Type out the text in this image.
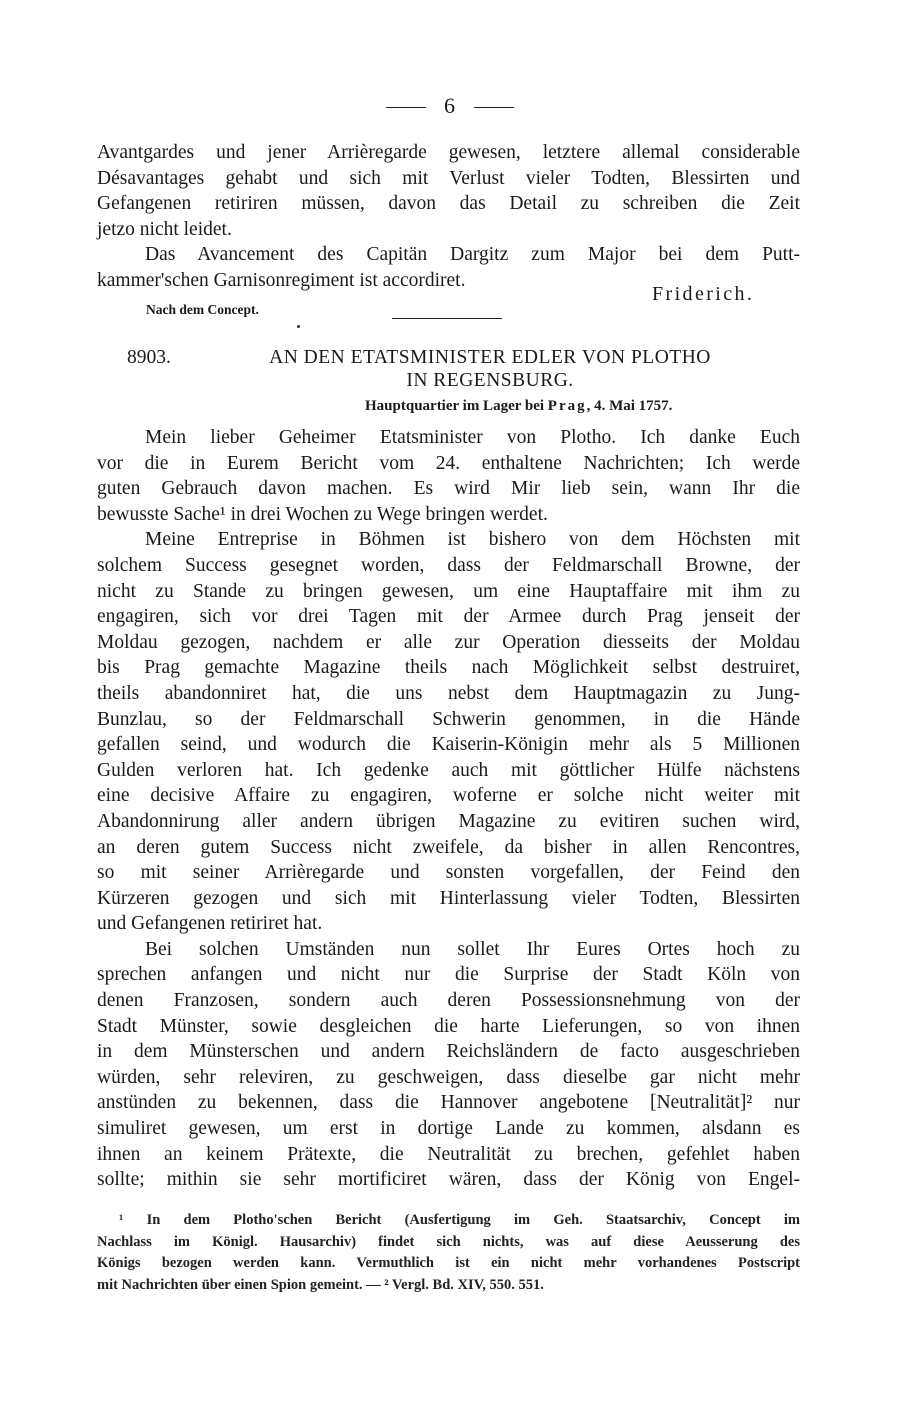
6
Avantgardes und jener Arrièregarde gewesen, letztere allemal considerable
Désavantages gehabt und sich mit Verlust vieler Todten, Blessirten und
Gefangenen retiriren müssen, davon das Detail zu schreiben die Zeit
jetzo nicht leidet.
Das Avancement des Capitän Dargitz zum Major bei dem Putt-
kammer'schen Garnisonregiment ist accordiret.
Friderich.
Nach dem Concept.
8903.	AN DEN ETATSMINISTER EDLER VON PLOTHO
IN REGENSBURG.
Hauptquartier im Lager bei Prag, 4. Mai 1757.
Mein lieber Geheimer Etatsminister von Plotho. Ich danke Euch
vor die in Eurem Bericht vom 24. enthaltene Nachrichten; Ich werde
guten Gebrauch davon machen. Es wird Mir lieb sein, wann Ihr die
bewusste Sache¹ in drei Wochen zu Wege bringen werdet.
Meine Entreprise in Böhmen ist bishero von dem Höchsten mit
solchem Success gesegnet worden, dass der Feldmarschall Browne, der
nicht zu Stande zu bringen gewesen, um eine Hauptaffaire mit ihm zu
engagiren, sich vor drei Tagen mit der Armee durch Prag jenseit der
Moldau gezogen, nachdem er alle zur Operation diesseits der Moldau
bis Prag gemachte Magazine theils nach Möglichkeit selbst destruiret,
theils abandonniret hat, die uns nebst dem Hauptmagazin zu Jung-
Bunzlau, so der Feldmarschall Schwerin genommen, in die Hände
gefallen seind, und wodurch die Kaiserin-Königin mehr als 5 Millionen
Gulden verloren hat. Ich gedenke auch mit göttlicher Hülfe nächstens
eine decisive Affaire zu engagiren, woferne er solche nicht weiter mit
Abandonnirung aller andern übrigen Magazine zu evitiren suchen wird,
an deren gutem Success nicht zweifele, da bisher in allen Rencontres,
so mit seiner Arrièregarde und sonsten vorgefallen, der Feind den
Kürzeren gezogen und sich mit Hinterlassung vieler Todten, Blessirten
und Gefangenen retiriret hat.
Bei solchen Umständen nun sollet Ihr Eures Ortes hoch zu
sprechen anfangen und nicht nur die Surprise der Stadt Köln von
denen Franzosen, sondern auch deren Possessionsnehmung von der
Stadt Münster, sowie desgleichen die harte Lieferungen, so von ihnen
in dem Münsterschen und andern Reichsländern de facto ausgeschrieben
würden, sehr releviren, zu geschweigen, dass dieselbe gar nicht mehr
anstünden zu bekennen, dass die Hannover angebotene [Neutralität]² nur
simuliret gewesen, um erst in dortige Lande zu kommen, alsdann es
ihnen an keinem Prätexte, die Neutralität zu brechen, gefehlet haben
sollte; mithin sie sehr mortificiret wären, dass der König von Engel-
¹ In dem Plotho'schen Bericht (Ausfertigung im Geh. Staatsarchiv, Concept im
Nachlass im Königl. Hausarchiv) findet sich nichts, was auf diese Aeusserung des
Königs bezogen werden kann. Vermuthlich ist ein nicht mehr vorhandenes Postscript
mit Nachrichten über einen Spion gemeint. — ² Vergl. Bd. XIV, 550. 551.
